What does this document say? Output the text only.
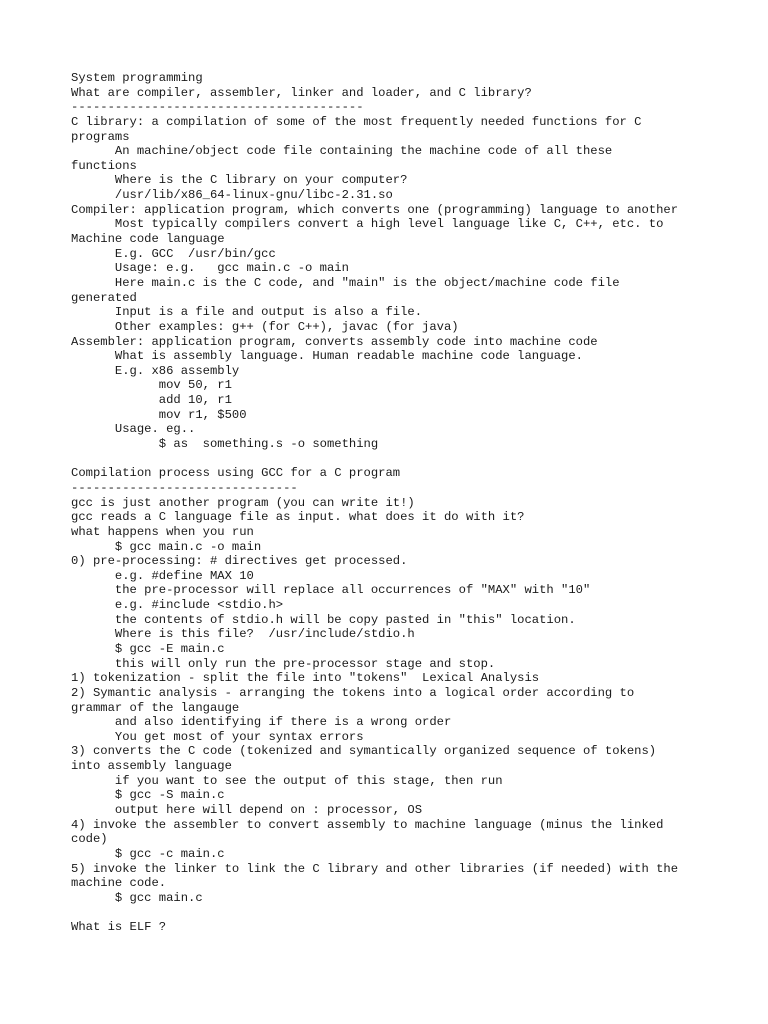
System programming
What are compiler, assembler, linker and loader, and C library?
----------------------------------------
C library: a compilation of some of the most frequently needed functions for C
programs
An machine/object code file containing the machine code of all these
functions
Where is the C library on your computer?
/usr/lib/x86_64-linux-gnu/libc-2.31.so
Compiler: application program, which converts one (programming) language to another
Most typically compilers convert a high level language like C, C++, etc. to
Machine code language
E.g. GCC  /usr/bin/gcc
Usage: e.g.   gcc main.c -o main
Here main.c is the C code, and "main" is the object/machine code file
generated
Input is a file and output is also a file.
Other examples: g++ (for C++), javac (for java)
Assembler: application program, converts assembly code into machine code
What is assembly language. Human readable machine code language.
E.g. x86 assembly
mov 50, r1
add 10, r1
mov r1, $500
Usage. eg..
$ as  something.s -o something
Compilation process using GCC for a C program
-------------------------------
gcc is just another program (you can write it!)
gcc reads a C language file as input. what does it do with it?
what happens when you run
$ gcc main.c -o main
0) pre-processing: # directives get processed.
e.g. #define MAX 10
the pre-processor will replace all occurrences of "MAX" with "10"
e.g. #include <stdio.h>
the contents of stdio.h will be copy pasted in "this" location.
Where is this file?  /usr/include/stdio.h
$ gcc -E main.c
this will only run the pre-processor stage and stop.
1) tokenization - split the file into "tokens"  Lexical Analysis
2) Symantic analysis - arranging the tokens into a logical order according to
grammar of the langauge
and also identifying if there is a wrong order
You get most of your syntax errors
3) converts the C code (tokenized and symantically organized sequence of tokens)
into assembly language
if you want to see the output of this stage, then run
$ gcc -S main.c
output here will depend on : processor, OS
4) invoke the assembler to convert assembly to machine language (minus the linked
code)
$ gcc -c main.c
5) invoke the linker to link the C library and other libraries (if needed) with the
machine code.
$ gcc main.c
What is ELF ?
